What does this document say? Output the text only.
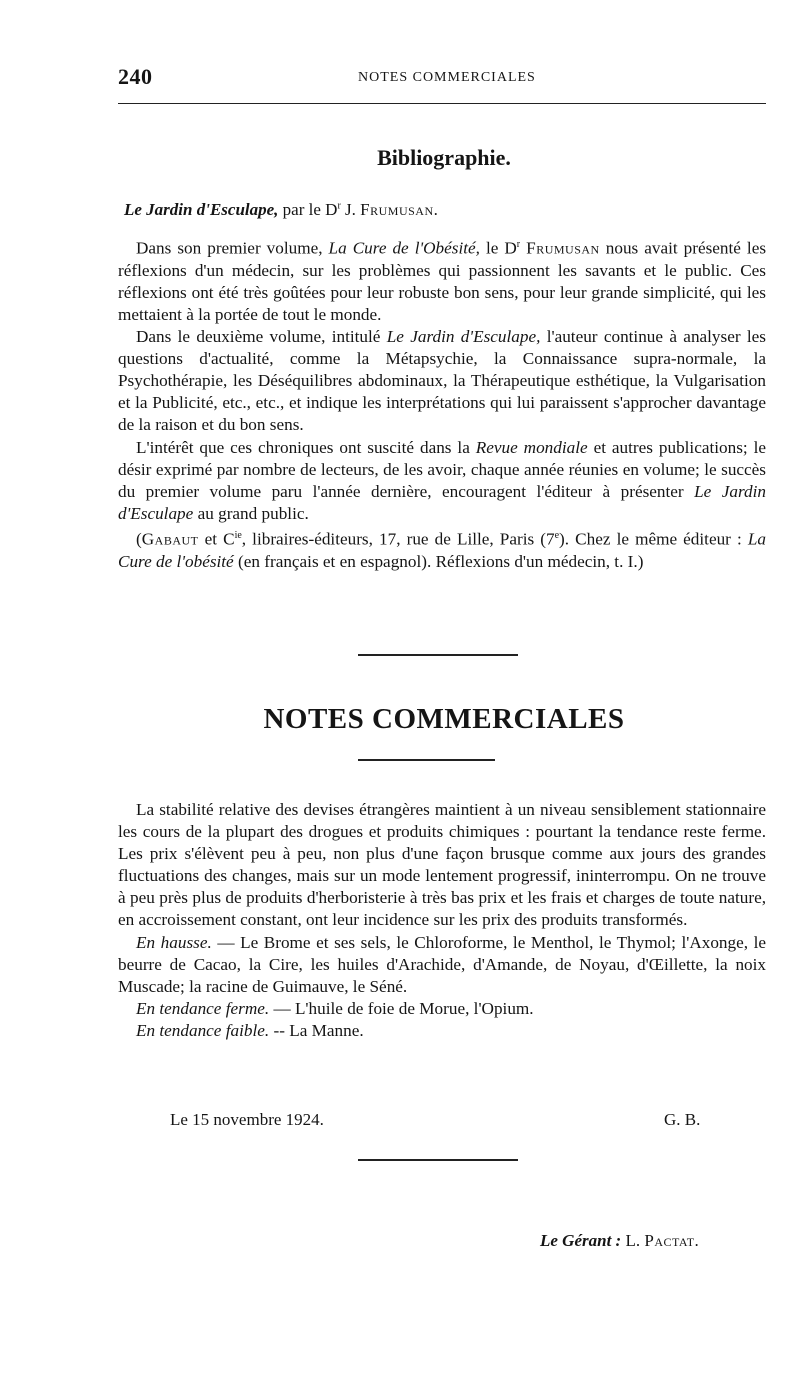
240	NOTES COMMERCIALES
Bibliographie.
Le Jardin d'Esculape, par le $D^r$ J. Frumusan.

Dans son premier volume, La Cure de l'Obésité, le $D^r$ Frumusan nous avait présenté les réflexions d'un médecin, sur les problèmes qui passionnent les savants et le public. Ces réflexions ont été très goûtées pour leur robuste bon sens, pour leur grande simplicité, qui les mettaient à la portée de tout le monde.

Dans le deuxième volume, intitulé Le Jardin d'Esculape, l'auteur continue à analyser les questions d'actualité, comme la Métapsychie, la Connaissance supra-normale, la Psychothérapie, les Déséquilibres abdominaux, la Thérapeutique esthétique, la Vulgarisation et la Publicité, etc., etc., et indique les interprétations qui lui paraissent s'approcher davantage de la raison et du bon sens.

L'intérêt que ces chroniques ont suscité dans la Revue mondiale et autres publications; le désir exprimé par nombre de lecteurs, de les avoir, chaque année réunies en volume; le succès du premier volume paru l'année dernière, encouragent l'éditeur à présenter Le Jardin d'Esculape au grand public.

(Gabaut et $C^{ie}$, libraires-éditeurs, 17, rue de Lille, Paris (7e). Chez le même éditeur : La Cure de l'obésité (en français et en espagnol). Réflexions d'un médecin, t. I.)

NOTES COMMERCIALES

La stabilité relative des devises étrangères maintient à un niveau sensiblement stationnaire les cours de la plupart des drogues et produits chimiques : pourtant la tendance reste ferme. Les prix s'élèvent peu à peu, non plus d'une façon brusque comme aux jours des grandes fluctuations des changes, mais sur un mode lentement progressif, ininterrompu. On ne trouve à peu près plus de produits d'herboristerie à très bas prix et les frais et charges de toute nature, en accroissement constant, ont leur incidence sur les prix des produits transformés.

En hausse. — Le Brome et ses sels, le Chloroforme, le Menthol, le Thymol; l'Axonge, le beurre de Cacao, la Cire, les huiles d'Arachide, d'Amande, de Noyau, d'Œillette, la noix Muscade; la racine de Guimauve, le Séné.

En tendance ferme. — L'huile de foie de Morue, l'Opium.

En tendance faible. -- La Manne.

Le 15 novembre 1924.	G. B.
Le Gérant : L. Pactat.
